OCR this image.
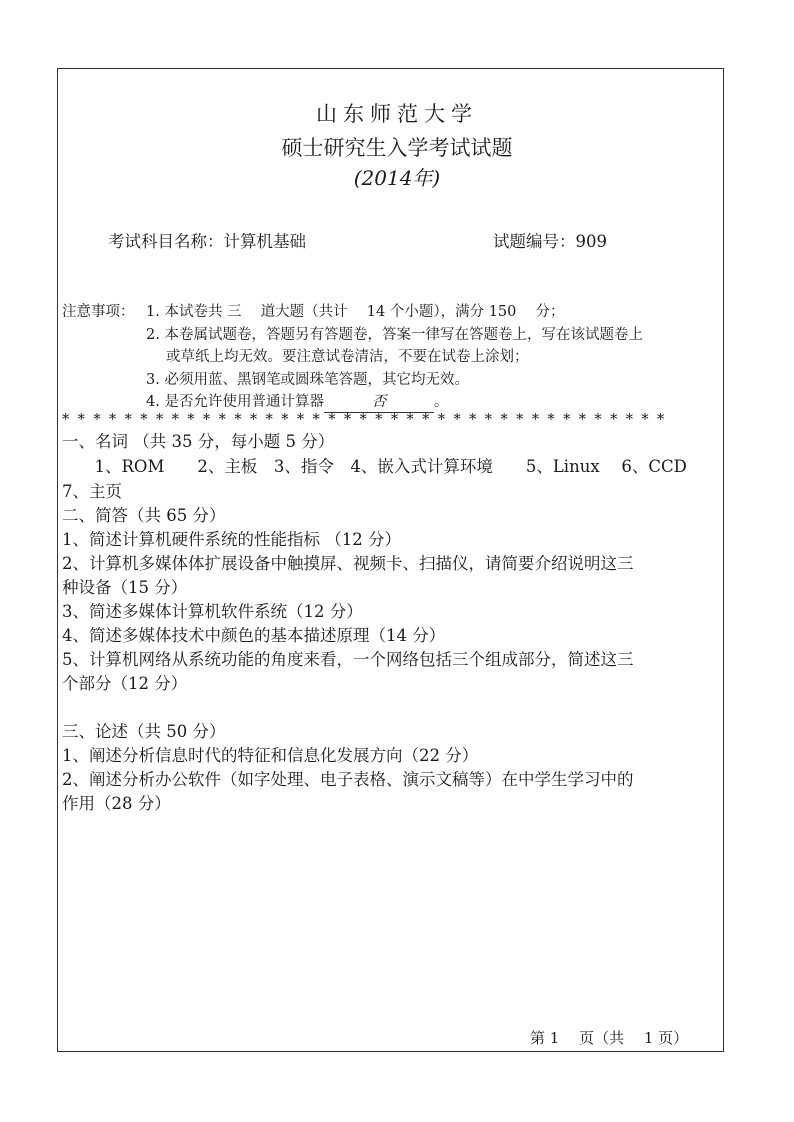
山东师范大学
硕士研究生入学考试试题
(2014年)
考试科目名称：计算机基础	试题编号：909
注意事项： 1. 本试卷共 三　 道大题（共计　 14 个小题），满分 150　 分；
2. 本卷属试题卷，答题另有答题卷，答案一律写在答题卷上，写在该试题卷上
或草纸上均无效。要注意试卷清洁，不要在试卷上涂划；
3. 必须用蓝、黑钢笔或圆珠笔答题，其它均无效。
4. 是否允许使用普通计算器	否	。
* * * * * * * * * * * * * * * * * * * * * * * * * * * * * * * * * * * * * * *
一、名词 （共 35 分，每小题 5 分）
　1、ROM　　2、主板　3、指令　4、嵌入式计算环境　　5、Linux　 6、CCD
7、主页
二、简答（共 65 分）
1、简述计算机硬件系统的性能指标 （12 分）
2、计算机多媒体体扩展设备中触摸屏、视频卡、扫描仪，请简要介绍说明这三
种设备（15 分）
3、简述多媒体计算机软件系统（12 分）
4、简述多媒体技术中颜色的基本描述原理（14 分）
5、计算机网络从系统功能的角度来看，一个网络包括三个组成部分，简述这三
个部分（12 分）
三、论述（共 50 分）
1、阐述分析信息时代的特征和信息化发展方向（22 分）
2、阐述分析办公软件（如字处理、电子表格、演示文稿等）在中学生学习中的
作用（28 分）
第 1　 页（共　 1 页）
